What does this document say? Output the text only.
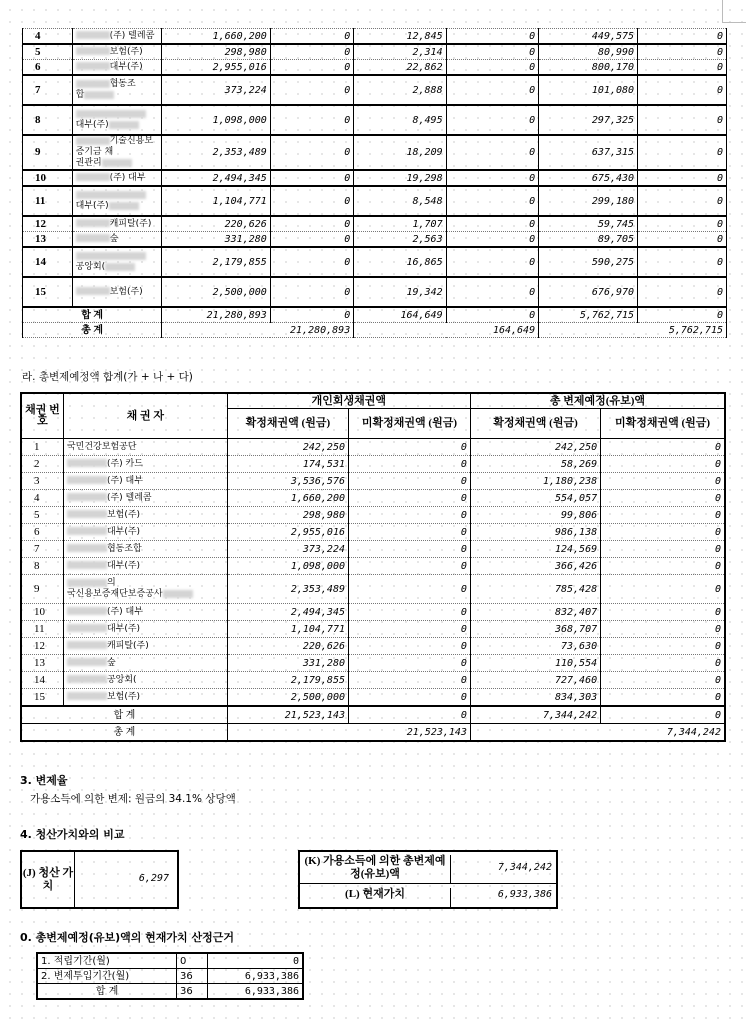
4	(주) 텔레콤	1,660,200	0	12,845	0	449,575	0
5	보험(주)	298,980	0	2,314	0	80,990	0
6	대부(주)	2,955,016	0	22,862	0	800,170	0
7	협동조
합	373,224	0	2,888	0	101,080	0
8	대부(주)	1,098,000	0	8,495	0	297,325	0
9	기술신용보증기금 채
권관리	2,353,489	0	18,209	0	637,315	0
10	(주) 대부	2,494,345	0	19,298	0	675,430	0
11	대부(주)	1,104,771	0	8,548	0	299,180	0
12	캐피탈(주)	220,626	0	1,707	0	59,745	0
13	숲	331,280	0	2,563	0	89,705	0
14	공앙회(	2,179,855	0	16,865	0	590,275	0
15	보험(주)	2,500,000	0	19,342	0	676,970	0
합 계		21,280,893	0	164,649	0	5,762,715	0
총 계		21,280,893		164,649		5,762,715	
라. 총변제예정액 합계(가 + 나 + 다)
채권 번호	채 권 자	개인회생채권액		총 변제예정(유보)액	
		확정채권액 (원금)	미확정채권액 (원금)	확정채권액 (원금)	미확정채권액 (원금)
1	국민건강보험공단	242,250	0	242,250	0
2	(주) 카드	174,531	0	58,269	0
3	(주) 대부	3,536,576	0	1,180,238	0
4	(주) 텔레콤	1,660,200	0	554,057	0
5	보험(주)	298,980	0	99,806	0
6	대부(주)	2,955,016	0	986,138	0
7	협동조합	373,224	0	124,569	0
8	대부(주)	1,098,000	0	366,426	0
9	의
국신용보증재단보증공사	2,353,489	0	785,428	0
10	(주) 대부	2,494,345	0	832,407	0
11	대부(주)	1,104,771	0	368,707	0
12	캐피탈(주)	220,626	0	73,630	0
13	숲	331,280	0	110,554	0
14	공앙회(	2,179,855	0	727,460	0
15	보험(주)	2,500,000	0	834,303	0
합 계		21,523,143	0	7,344,242	0
총 계		21,523,143		7,344,242	
3. 변제율
가용소득에 의한 변제: 원금의 34.1% 상당액
4. 청산가치와의 비교
(J) 청산 가치
6,297
(K) 가용소득에 의한 총변제예정(유보)액
7,344,242
(L) 현재가치	6,933,386
0. 총변제예정(유보)액의 현재가치 산정근거
1. 적립기간(월)	0	0
2. 변제투입기간(월)	36	6,933,386
합 계	36	6,933,386
